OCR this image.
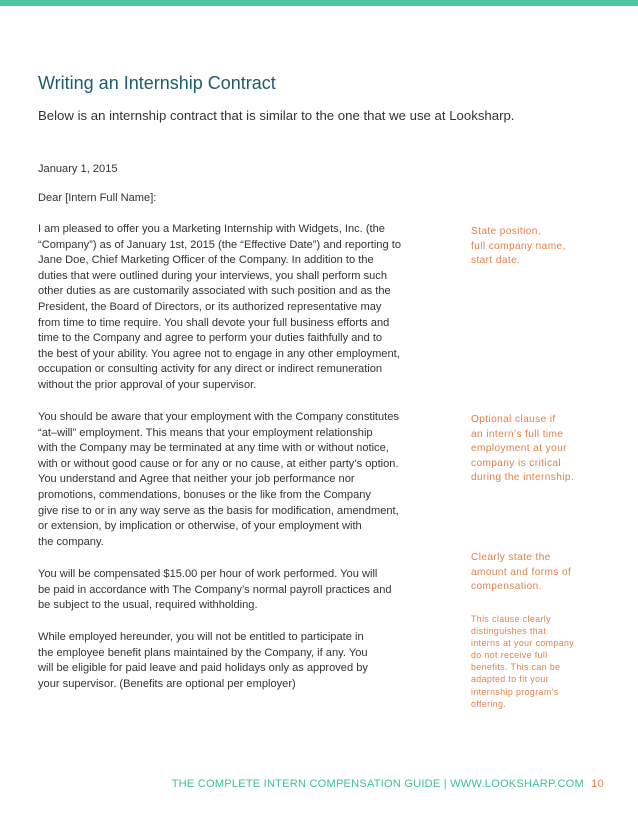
Writing an Internship Contract
Below is an internship contract that is similar to the one that we use at Looksharp.
January 1, 2015
Dear [Intern Full Name]:
I am pleased to offer you a Marketing Internship with Widgets, Inc. (the
“Company”) as of January 1st, 2015 (the “Effective Date”) and reporting to
Jane Doe, Chief Marketing Officer of the Company. In addition to the
duties that were outlined during your interviews, you shall perform such
other duties as are customarily associated with such position and as the
President, the Board of Directors, or its authorized representative may
from time to time require. You shall devote your full business efforts and
time to the Company and agree to perform your duties faithfully and to
the best of your ability. You agree not to engage in any other employment,
occupation or consulting activity for any direct or indirect remuneration
without the prior approval of your supervisor.
You should be aware that your employment with the Company constitutes
“at–will” employment. This means that your employment relationship
with the Company may be terminated at any time with or without notice,
with or without good cause or for any or no cause, at either party’s option.
You understand and Agree that neither your job performance nor
promotions, commendations, bonuses or the like from the Company
give rise to or in any way serve as the basis for modification, amendment,
or extension, by implication or otherwise, of your employment with
the company.
You will be compensated $15.00 per hour of work performed. You will
be paid in accordance with The Company’s normal payroll practices and
be subject to the usual, required withholding.
While employed hereunder, you will not be entitled to participate in
the employee benefit plans maintained by the Company, if any. You
will be eligible for paid leave and paid holidays only as approved by
your supervisor. (Benefits are optional per employer)
State position,
full company name,
start date.
Optional clause if
an intern’s full time
employment at your
company is critical
during the internship.
Clearly state the
amount and forms of
compensation.
This clause clearly
distinguishes that
interns at your company
do not receive full
benefits. This can be
adapted to fit your
internship program’s
offering.
THE COMPLETE INTERN COMPENSATION GUIDE | WWW.LOOKSHARP.COM 10
